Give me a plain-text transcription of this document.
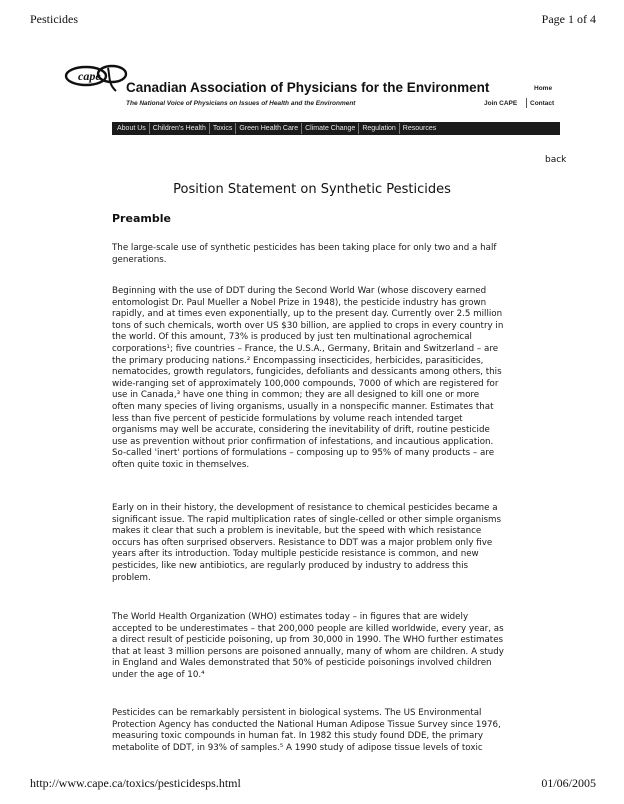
Pesticides	Page 1 of 4
cape
Canadian Association of Physicians for the Environment
The National Voice of Physicians on Issues of Health and the Environment
Home
Join CAPE Contact
About Us	Children's Health	Toxics	Green Health Care	Climate Change	Regulation	Resources
back
Position Statement on Synthetic Pesticides
Preamble
The large-scale use of synthetic pesticides has been taking place for only two and a half
generations.
Beginning with the use of DDT during the Second World War (whose discovery earned
entomologist Dr. Paul Mueller a Nobel Prize in 1948), the pesticide industry has grown
rapidly, and at times even exponentially, up to the present day. Currently over 2.5 million
tons of such chemicals, worth over US $30 billion, are applied to crops in every country in
the world. Of this amount, 73% is produced by just ten multinational agrochemical
corporations¹; five countries – France, the U.S.A., Germany, Britain and Switzerland – are
the primary producing nations.² Encompassing insecticides, herbicides, parasiticides,
nematocides, growth regulators, fungicides, defoliants and dessicants among others, this
wide-ranging set of approximately 100,000 compounds, 7000 of which are registered for
use in Canada,³ have one thing in common; they are all designed to kill one or more
often many species of living organisms, usually in a nonspecific manner. Estimates that
less than five percent of pesticide formulations by volume reach intended target
organisms may well be accurate, considering the inevitability of drift, routine pesticide
use as prevention without prior confirmation of infestations, and incautious application.
So-called 'inert' portions of formulations – composing up to 95% of many products – are
often quite toxic in themselves.
Early on in their history, the development of resistance to chemical pesticides became a
significant issue. The rapid multiplication rates of single-celled or other simple organisms
makes it clear that such a problem is inevitable, but the speed with which resistance
occurs has often surprised observers. Resistance to DDT was a major problem only five
years after its introduction. Today multiple pesticide resistance is common, and new
pesticides, like new antibiotics, are regularly produced by industry to address this
problem.
The World Health Organization (WHO) estimates today – in figures that are widely
accepted to be underestimates – that 200,000 people are killed worldwide, every year, as
a direct result of pesticide poisoning, up from 30,000 in 1990. The WHO further estimates
that at least 3 million persons are poisoned annually, many of whom are children. A study
in England and Wales demonstrated that 50% of pesticide poisonings involved children
under the age of 10.⁴
Pesticides can be remarkably persistent in biological systems. The US Environmental
Protection Agency has conducted the National Human Adipose Tissue Survey since 1976,
measuring toxic compounds in human fat. In 1982 this study found DDE, the primary
metabolite of DDT, in 93% of samples.⁵ A 1990 study of adipose tissue levels of toxic
http://www.cape.ca/toxics/pesticidesps.html	01/06/2005
